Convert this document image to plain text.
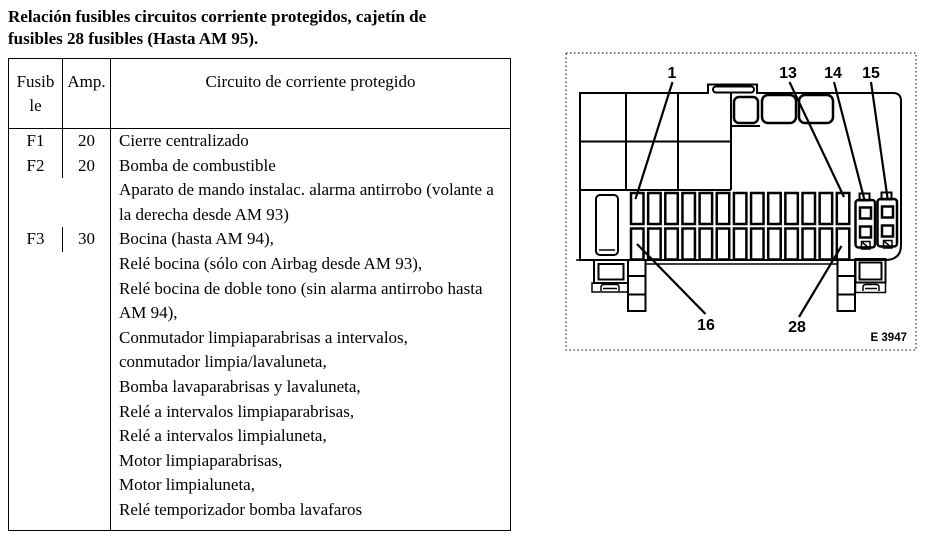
Relación fusibles circuitos corriente protegidos, cajetín de
fusibles 28 fusibles (Hasta AM 95).
Fusib
le	Amp.	Circuito de corriente protegido
F1	20	Cierre centralizado
F2	20	Bomba de combustible
		Aparato de mando instalac. alarma antirrobo (volante a la derecha desde AM 93)
F3	30	Bocina (hasta AM 94),
		Relé bocina (sólo con Airbag desde AM 93),
		Relé bocina de doble tono (sin alarma antirrobo hasta AM 94),
		Conmutador limpiaparabrisas a intervalos,
		conmutador limpia/lavaluneta,
		Bomba lavaparabrisas y lavaluneta,
		Relé a intervalos limpiaparabrisas,
		Relé a intervalos limpialuneta,
		Motor limpiaparabrisas,
		Motor limpialuneta,
		Relé temporizador bomba lavafaros
1	13 14 15
16	28
E 3947
